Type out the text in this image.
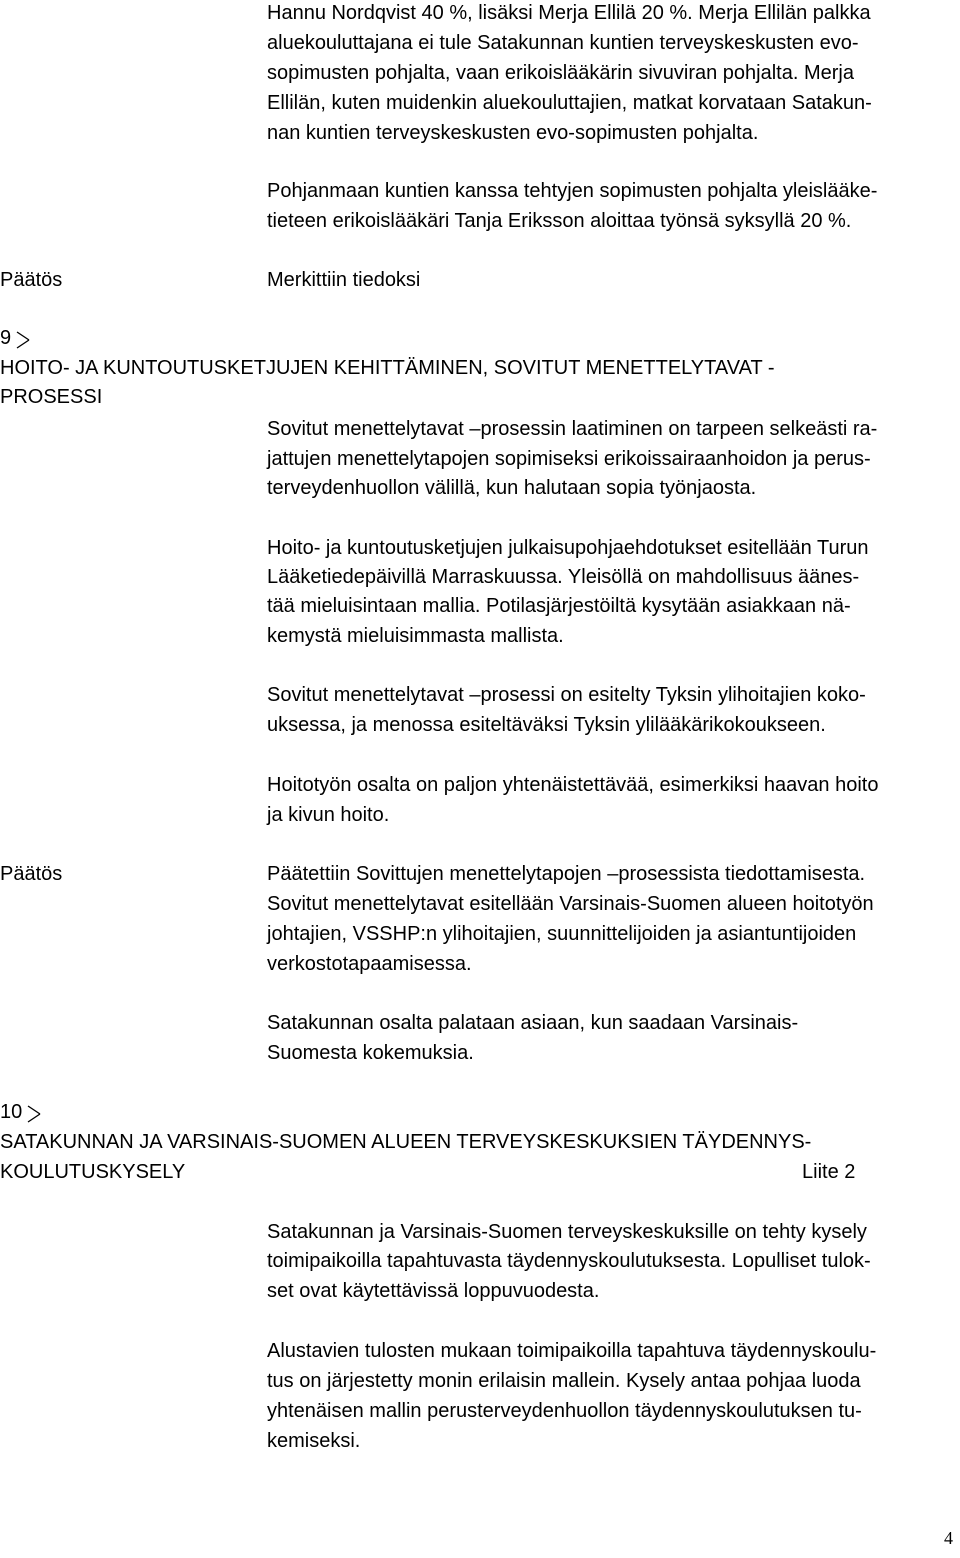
Hannu Nordqvist 40 %, lisäksi Merja Ellilä 20 %. Merja Ellilän palkka
aluekouluttajana ei tule Satakunnan kuntien terveyskeskusten evo-
sopimusten pohjalta, vaan erikoislääkärin sivuviran pohjalta. Merja
Ellilän, kuten muidenkin aluekouluttajien, matkat korvataan Satakun-
nan kuntien terveyskeskusten evo-sopimusten pohjalta.
Pohjanmaan kuntien kanssa tehtyjen sopimusten pohjalta yleislääke-
tieteen erikoislääkäri Tanja Eriksson aloittaa työnsä syksyllä 20 %.
Päätös	Merkittiin tiedoksi
9
HOITO- JA KUNTOUTUSKETJUJEN KEHITTÄMINEN, SOVITUT MENETTELYTAVAT -
PROSESSI
Sovitut menettelytavat –prosessin laatiminen on tarpeen selkeästi ra-
jattujen menettelytapojen sopimiseksi erikoissairaanhoidon ja perus-
terveydenhuollon välillä, kun halutaan sopia työnjaosta.
Hoito- ja kuntoutusketjujen julkaisupohjaehdotukset esitellään Turun
Lääketiedepäivillä Marraskuussa. Yleisöllä on mahdollisuus äänes-
tää mieluisintaan mallia. Potilasjärjestöiltä kysytään asiakkaan nä-
kemystä mieluisimmasta mallista.
Sovitut menettelytavat –prosessi on esitelty Tyksin ylihoitajien koko-
uksessa, ja menossa esiteltäväksi Tyksin ylilääkärikokoukseen.
Hoitotyön osalta on paljon yhtenäistettävää, esimerkiksi haavan hoito
ja kivun hoito.
Päätös	Päätettiin Sovittujen menettelytapojen –prosessista tiedottamisesta.
Sovitut menettelytavat esitellään Varsinais-Suomen alueen hoitotyön
johtajien, VSSHP:n ylihoitajien, suunnittelijoiden ja asiantuntijoiden
verkostotapaamisessa.
Satakunnan osalta palataan asiaan, kun saadaan Varsinais-
Suomesta kokemuksia.
10
SATAKUNNAN JA VARSINAIS-SUOMEN ALUEEN TERVEYSKESKUKSIEN TÄYDENNYS-
KOULUTUSKYSELY	Liite 2
Satakunnan ja Varsinais-Suomen terveyskeskuksille on tehty kysely
toimipaikoilla tapahtuvasta täydennyskoulutuksesta. Lopulliset tulok-
set ovat käytettävissä loppuvuodesta.
Alustavien tulosten mukaan toimipaikoilla tapahtuva täydennyskoulu-
tus on järjestetty monin erilaisin mallein. Kysely antaa pohjaa luoda
yhtenäisen mallin perusterveydenhuollon täydennyskoulutuksen tu-
kemiseksi.
4
